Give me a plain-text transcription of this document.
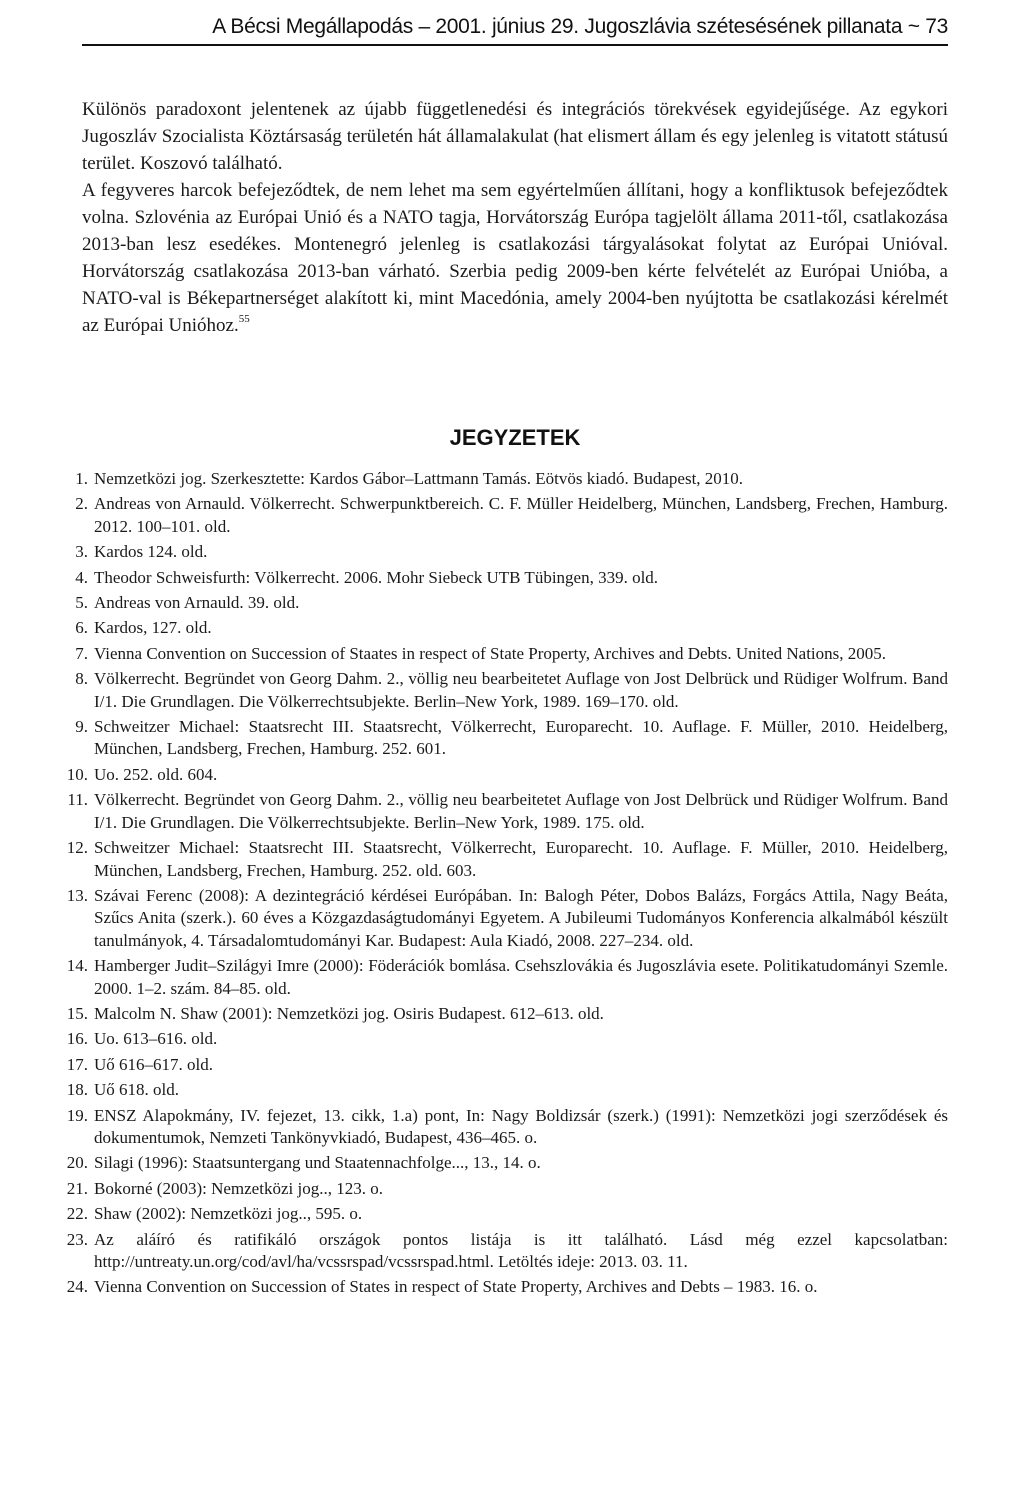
A Bécsi Megállapodás – 2001. június 29. Jugoszlávia szétesésének pillanata ~ 73

Különös paradoxont jelentenek az újabb függetlenedési és integrációs törekvések egyidejűsége. Az egykori Jugoszláv Szocialista Köztársaság területén hát államalakulat (hat elismert állam és egy jelenleg is vitatott státusú terület. Koszovó található.

A fegyveres harcok befejeződtek, de nem lehet ma sem egyértelműen állítani, hogy a konfliktusok befejeződtek volna. Szlovénia az Európai Unió és a NATO tagja, Horvátország Európa tagjelölt állama 2011-től, csatlakozása 2013-ban lesz esedékes. Montenegró jelenleg is csatlakozási tárgyalásokat folytat az Európai Unióval. Horvátország csatlakozása 2013-ban várható. Szerbia pedig 2009-ben kérte felvételét az Európai Unióba, a NATO-val is Békepartnerséget alakított ki, mint Macedónia, amely 2004-ben nyújtotta be csatlakozási kérelmét az Európai Unióhoz.$^{55}$

JEGYZETEK
1. Nemzetközi jog. Szerkesztette: Kardos Gábor–Lattmann Tamás. Eötvös kiadó. Budapest, 2010.
2. Andreas von Arnauld. Völkerrecht. Schwerpunktbereich. C. F. Müller Heidelberg, München, Landsberg, Frechen, Hamburg. 2012. 100–101. old.
3. Kardos 124. old.
4. Theodor Schweisfurth: Völkerrecht. 2006. Mohr Siebeck UTB Tübingen, 339. old.
5. Andreas von Arnauld. 39. old.
6. Kardos, 127. old.
7. Vienna Convention on Succession of Staates in respect of State Property, Archives and Debts. United Nations, 2005.
8. Völkerrecht. Begründet von Georg Dahm. 2., völlig neu bearbeitetet Auflage von Jost Delbrück und Rüdiger Wolfrum. Band I/1. Die Grundlagen. Die Völkerrechtsubjekte. Berlin–New York, 1989. 169–170. old.
9. Schweitzer Michael: Staatsrecht III. Staatsrecht, Völkerrecht, Europarecht. 10. Auflage. F. Müller, 2010. Heidelberg, München, Landsberg, Frechen, Hamburg. 252. 601.
10. Uo. 252. old. 604.
11. Völkerrecht. Begründet von Georg Dahm. 2., völlig neu bearbeitetet Auflage von Jost Delbrück und Rüdiger Wolfrum. Band I/1. Die Grundlagen. Die Völkerrechtsubjekte. Berlin–New York, 1989. 175. old.
12. Schweitzer Michael: Staatsrecht III. Staatsrecht, Völkerrecht, Europarecht. 10. Auflage. F. Müller, 2010. Heidelberg, München, Landsberg, Frechen, Hamburg. 252. old. 603.
13. Szávai Ferenc (2008): A dezintegráció kérdései Európában. In: Balogh Péter, Dobos Balázs, Forgács Attila, Nagy Beáta, Szűcs Anita (szerk.). 60 éves a Közgazdaságtudományi Egyetem. A Jubileumi Tudományos Konferencia alkalmából készült tanulmányok, 4. Társadalomtudományi Kar. Budapest: Aula Kiadó, 2008. 227–234. old.
14. Hamberger Judit–Szilágyi Imre (2000): Föderációk bomlása. Csehszlovákia és Jugoszlávia esete. Politikatudományi Szemle. 2000. 1–2. szám. 84–85. old.
15. Malcolm N. Shaw (2001): Nemzetközi jog. Osiris Budapest. 612–613. old.
16. Uo. 613–616. old.
17. Uő 616–617. old.
18. Uő 618. old.
19. ENSZ Alapokmány, IV. fejezet, 13. cikk, 1.a) pont, In: Nagy Boldizsár (szerk.) (1991): Nemzetközi jogi szerződések és dokumentumok, Nemzeti Tankönyvkiadó, Budapest, 436–465. o.
20. Silagi (1996): Staatsuntergang und Staatennachfolge..., 13., 14. o.
21. Bokorné (2003): Nemzetközi jog.., 123. o.
22. Shaw (2002): Nemzetközi jog.., 595. o.
23. Az aláíró és ratifikáló országok pontos listája is itt található. Lásd még ezzel kapcsolatban: http://untreaty.un.org/cod/avl/ha/vcssrspad/vcssrspad.html. Letöltés ideje: 2013. 03. 11.
24. Vienna Convention on Succession of States in respect of State Property, Archives and Debts – 1983. 16. o.
